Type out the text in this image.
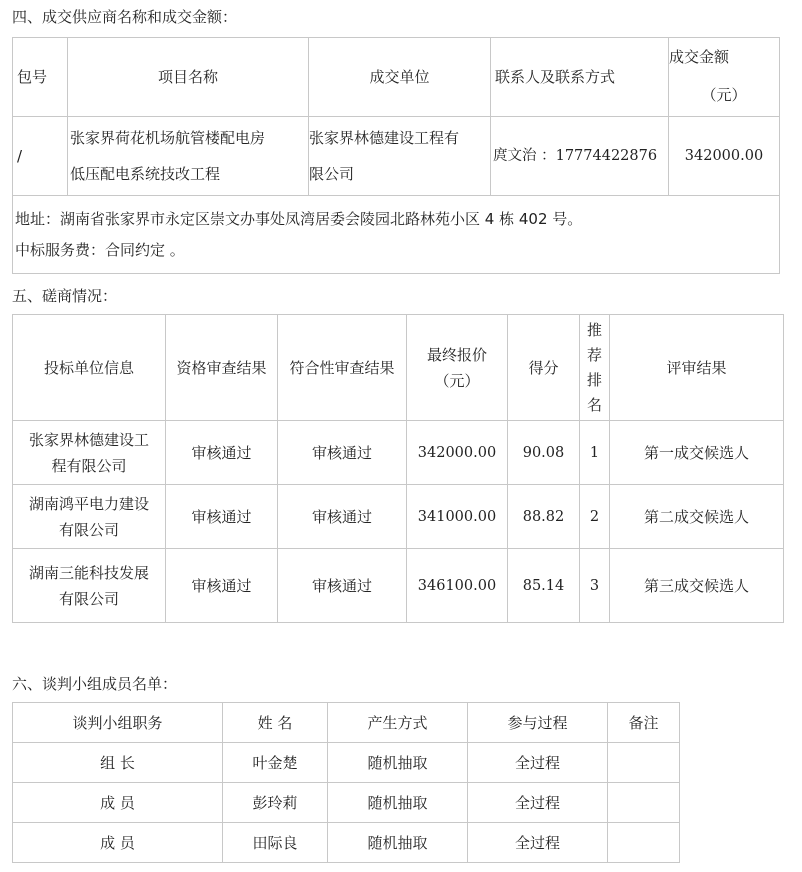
四、成交供应商名称和成交金额：
包号	项目名称	成交单位	联系人及联系方式	成交金额
（元）

/	张家界荷花机场航管楼配电房
低压配电系统技改工程	张家界林德建设工程有
限公司	庹文治 ：17774422876	342000.00

地址：湖南省张家界市永定区崇文办事处凤湾居委会陵园北路林苑小区 4 栋 402 号。
中标服务费：合同约定 。				
五、磋商情况：
投标单位信息	资格审查结果	符合性审查结果	最终报价
（元）	得分	推
荐
排
名	评审结果

张家界林德建设工
程有限公司	审核通过	审核通过	342000.00	90.08	1	第一成交候选人

湖南鸿平电力建设
有限公司	审核通过	审核通过	341000.00	88.82	2	第二成交候选人

湖南三能科技发展
有限公司	审核通过	审核通过	346100.00	85.14	3	第三成交候选人
六、谈判小组成员名单：
谈判小组职务	姓 名	产生方式	参与过程	备注
组 长	叶金楚	随机抽取	全过程	
成 员	彭玲莉	随机抽取	全过程	
成 员	田际良	随机抽取	全过程	
